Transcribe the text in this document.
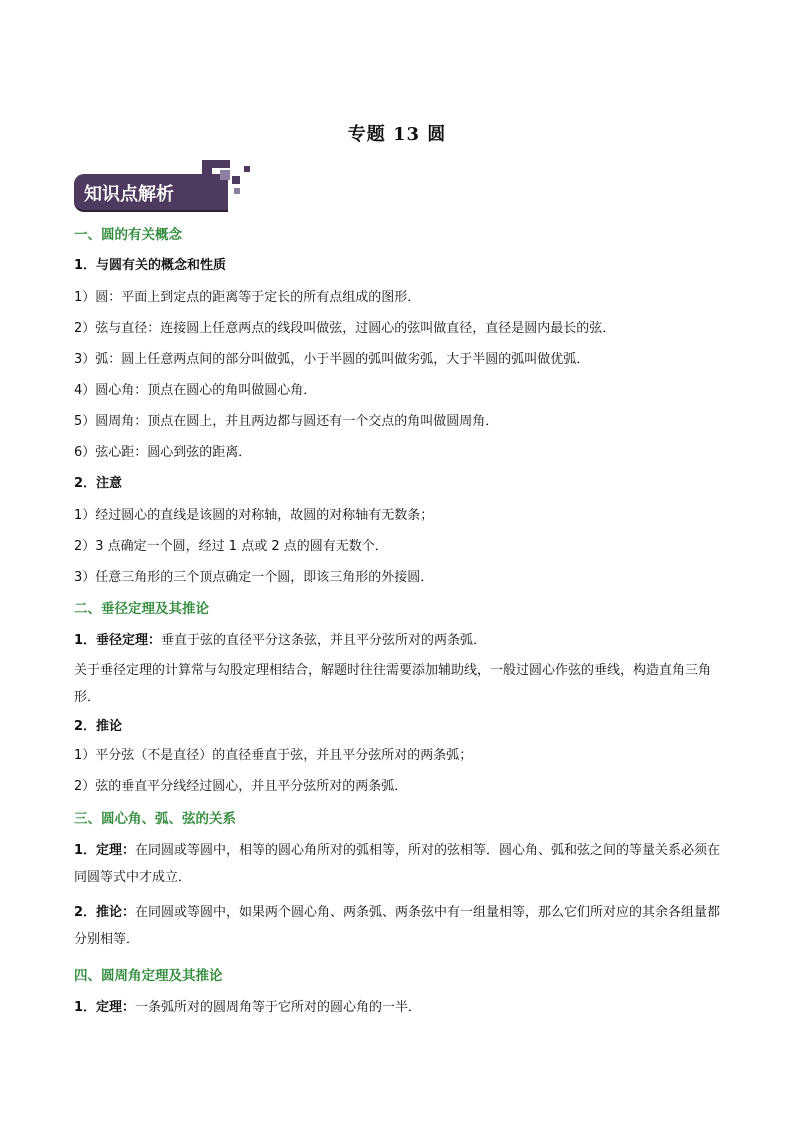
专题 13 圆
知识点解析
一、圆的有关概念
1．与圆有关的概念和性质
1）圆：平面上到定点的距离等于定长的所有点组成的图形．
2）弦与直径：连接圆上任意两点的线段叫做弦，过圆心的弦叫做直径，直径是圆内最长的弦．
3）弧：圆上任意两点间的部分叫做弧，小于半圆的弧叫做劣弧，大于半圆的弧叫做优弧．
4）圆心角：顶点在圆心的角叫做圆心角．
5）圆周角：顶点在圆上，并且两边都与圆还有一个交点的角叫做圆周角．
6）弦心距：圆心到弦的距离．
2．注意
1）经过圆心的直线是该圆的对称轴，故圆的对称轴有无数条；
2）3 点确定一个圆，经过 1 点或 2 点的圆有无数个．
3）任意三角形的三个顶点确定一个圆，即该三角形的外接圆．
二、垂径定理及其推论
1．垂径定理：垂直于弦的直径平分这条弦，并且平分弦所对的两条弧．
关于垂径定理的计算常与勾股定理相结合，解题时往往需要添加辅助线，一般过圆心作弦的垂线，构造直角三角形．
2．推论
1）平分弦（不是直径）的直径垂直于弦，并且平分弦所对的两条弧；
2）弦的垂直平分线经过圆心，并且平分弦所对的两条弧．
三、圆心角、弧、弦的关系
1．定理：在同圆或等圆中，相等的圆心角所对的弧相等，所对的弦相等．圆心角、弧和弦之间的等量关系必须在同圆等式中才成立．
2．推论：在同圆或等圆中，如果两个圆心角、两条弧、两条弦中有一组量相等，那么它们所对应的其余各组量都分别相等．
四、圆周角定理及其推论
1．定理：一条弧所对的圆周角等于它所对的圆心角的一半．
